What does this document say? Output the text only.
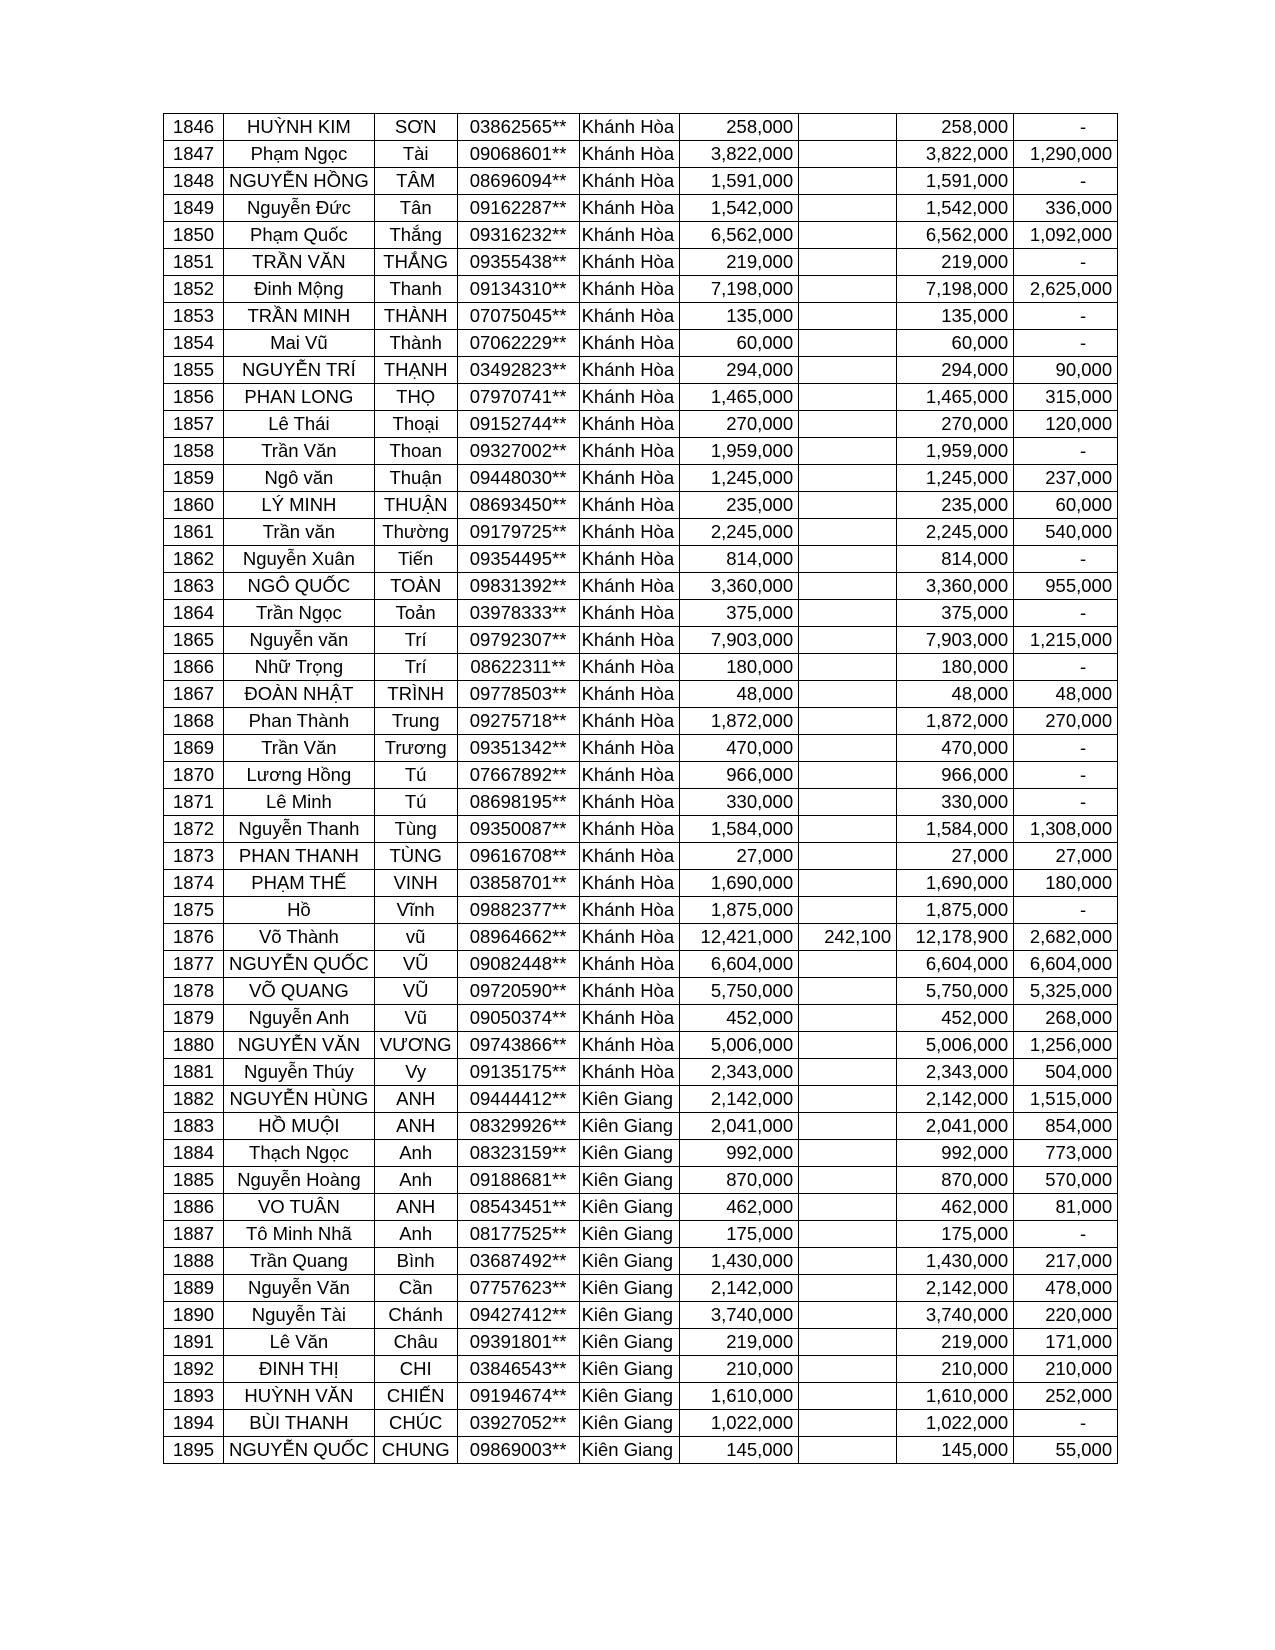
1846	HUỲNH KIM	SƠN	03862565**	Khánh Hòa	258,000		258,000	-
1847	Phạm Ngọc	Tài	09068601**	Khánh Hòa	3,822,000		3,822,000	1,290,000
1848	NGUYỄN HỒNG	TÂM	08696094**	Khánh Hòa	1,591,000		1,591,000	-
1849	Nguyễn Đức	Tân	09162287**	Khánh Hòa	1,542,000		1,542,000	336,000
1850	Phạm Quốc	Thắng	09316232**	Khánh Hòa	6,562,000		6,562,000	1,092,000
1851	TRẦN VĂN	THẮNG	09355438**	Khánh Hòa	219,000		219,000	-
1852	Đinh Mộng	Thanh	09134310**	Khánh Hòa	7,198,000		7,198,000	2,625,000
1853	TRẦN MINH	THÀNH	07075045**	Khánh Hòa	135,000		135,000	-
1854	Mai Vũ	Thành	07062229**	Khánh Hòa	60,000		60,000	-
1855	NGUYỄN TRÍ	THẠNH	03492823**	Khánh Hòa	294,000		294,000	90,000
1856	PHAN LONG	THỌ	07970741**	Khánh Hòa	1,465,000		1,465,000	315,000
1857	Lê Thái	Thoại	09152744**	Khánh Hòa	270,000		270,000	120,000
1858	Trần Văn	Thoan	09327002**	Khánh Hòa	1,959,000		1,959,000	-
1859	Ngô văn	Thuận	09448030**	Khánh Hòa	1,245,000		1,245,000	237,000
1860	LÝ MINH	THUẬN	08693450**	Khánh Hòa	235,000		235,000	60,000
1861	Trần văn	Thường	09179725**	Khánh Hòa	2,245,000		2,245,000	540,000
1862	Nguyễn Xuân	Tiến	09354495**	Khánh Hòa	814,000		814,000	-
1863	NGÔ QUỐC	TOÀN	09831392**	Khánh Hòa	3,360,000		3,360,000	955,000
1864	Trần Ngọc	Toản	03978333**	Khánh Hòa	375,000		375,000	-
1865	Nguyễn văn	Trí	09792307**	Khánh Hòa	7,903,000		7,903,000	1,215,000
1866	Nhữ Trọng	Trí	08622311**	Khánh Hòa	180,000		180,000	-
1867	ĐOÀN NHẬT	TRÌNH	09778503**	Khánh Hòa	48,000		48,000	48,000
1868	Phan Thành	Trung	09275718**	Khánh Hòa	1,872,000		1,872,000	270,000
1869	Trần Văn	Trương	09351342**	Khánh Hòa	470,000		470,000	-
1870	Lương Hồng	Tú	07667892**	Khánh Hòa	966,000		966,000	-
1871	Lê Minh	Tú	08698195**	Khánh Hòa	330,000		330,000	-
1872	Nguyễn Thanh	Tùng	09350087**	Khánh Hòa	1,584,000		1,584,000	1,308,000
1873	PHAN THANH	TÙNG	09616708**	Khánh Hòa	27,000		27,000	27,000
1874	PHẠM THẾ	VINH	03858701**	Khánh Hòa	1,690,000		1,690,000	180,000
1875	Hồ	Vĩnh	09882377**	Khánh Hòa	1,875,000		1,875,000	-
1876	Võ Thành	vũ	08964662**	Khánh Hòa	12,421,000	242,100	12,178,900	2,682,000
1877	NGUYỄN QUỐC	VŨ	09082448**	Khánh Hòa	6,604,000		6,604,000	6,604,000
1878	VÕ QUANG	VŨ	09720590**	Khánh Hòa	5,750,000		5,750,000	5,325,000
1879	Nguyễn Anh	Vũ	09050374**	Khánh Hòa	452,000		452,000	268,000
1880	NGUYỄN VĂN	VƯƠNG	09743866**	Khánh Hòa	5,006,000		5,006,000	1,256,000
1881	Nguyễn Thúy	Vy	09135175**	Khánh Hòa	2,343,000		2,343,000	504,000
1882	NGUYỄN HÙNG	ANH	09444412**	Kiên Giang	2,142,000		2,142,000	1,515,000
1883	HỒ MUỘI	ANH	08329926**	Kiên Giang	2,041,000		2,041,000	854,000
1884	Thạch Ngọc	Anh	08323159**	Kiên Giang	992,000		992,000	773,000
1885	Nguyễn Hoàng	Anh	09188681**	Kiên Giang	870,000		870,000	570,000
1886	VO TUÂN	ANH	08543451**	Kiên Giang	462,000		462,000	81,000
1887	Tô Minh Nhã	Anh	08177525**	Kiên Giang	175,000		175,000	-
1888	Trần Quang	Bình	03687492**	Kiên Giang	1,430,000		1,430,000	217,000
1889	Nguyễn Văn	Cần	07757623**	Kiên Giang	2,142,000		2,142,000	478,000
1890	Nguyễn Tài	Chánh	09427412**	Kiên Giang	3,740,000		3,740,000	220,000
1891	Lê Văn	Châu	09391801**	Kiên Giang	219,000		219,000	171,000
1892	ĐINH THỊ	CHI	03846543**	Kiên Giang	210,000		210,000	210,000
1893	HUỲNH VĂN	CHIẾN	09194674**	Kiên Giang	1,610,000		1,610,000	252,000
1894	BÙI THANH	CHÚC	03927052**	Kiên Giang	1,022,000		1,022,000	-
1895	NGUYỄN QUỐC	CHUNG	09869003**	Kiên Giang	145,000		145,000	55,000
